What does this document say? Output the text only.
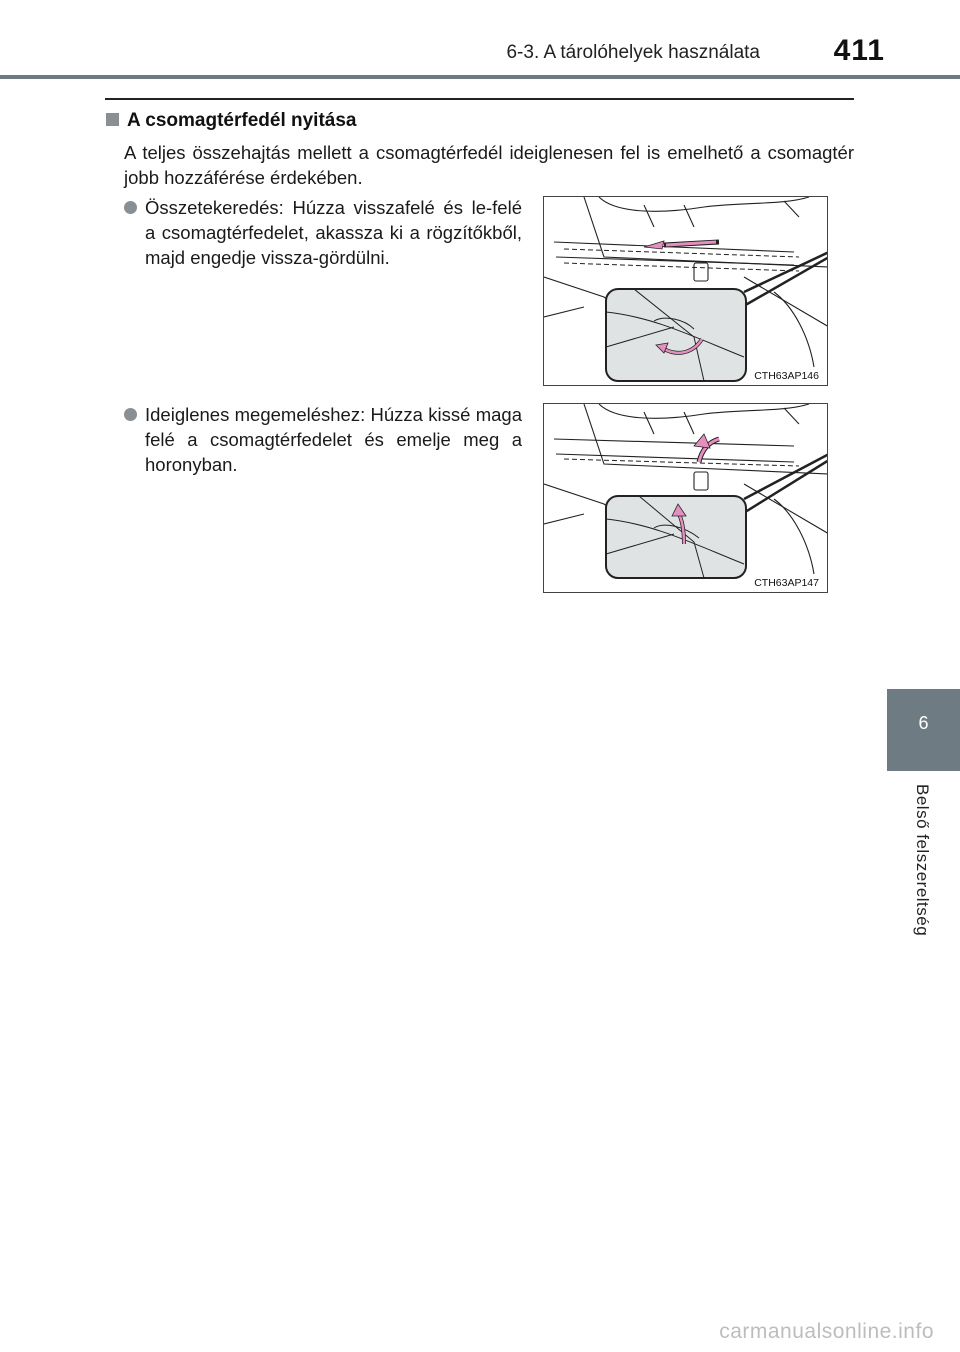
6-3. A tárolóhelyek használata 411
A csomagtérfedél nyitása
A teljes összehajtás mellett a csomagtérfedél ideiglenesen fel is emelhető a csomagtér jobb hozzáférése érdekében.
Összetekeredés: Húzza visszafelé és le-felé a csomagtérfedelet, akassza ki a rögzítőkből, majd engedje vissza-gördülni.
CTH63AP146
Ideiglenes megemeléshez: Húzza kissé maga felé a csomagtérfedelet és emelje meg a horonyban.
CTH63AP147
6
Belső felszereltség
carmanualsonline.info
